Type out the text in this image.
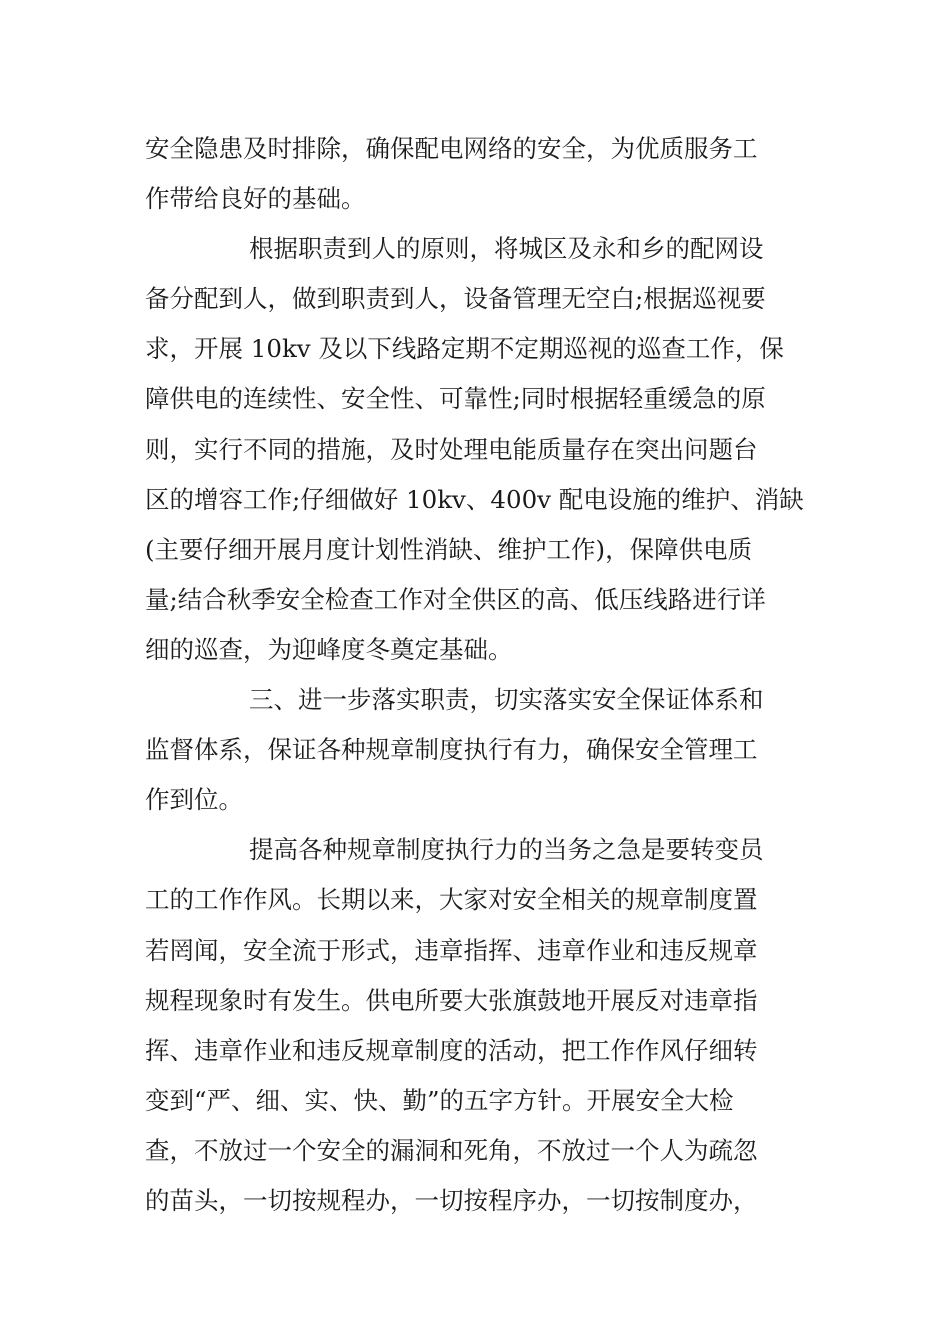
安全隐患及时排除，确保配电网络的安全，为优质服务工
作带给良好的基础。
根据职责到人的原则，将城区及永和乡的配网设
备分配到人，做到职责到人，设备管理无空白;根据巡视要
求，开展 10kv 及以下线路定期不定期巡视的巡查工作，保
障供电的连续性、安全性、可靠性;同时根据轻重缓急的原
则，实行不同的措施，及时处理电能质量存在突出问题台
区的增容工作;仔细做好 10kv、400v 配电设施的维护、消缺
(主要仔细开展月度计划性消缺、维护工作)，保障供电质
量;结合秋季安全检查工作对全供区的高、低压线路进行详
细的巡查，为迎峰度冬奠定基础。
三、进一步落实职责，切实落实安全保证体系和
监督体系，保证各种规章制度执行有力，确保安全管理工
作到位。
提高各种规章制度执行力的当务之急是要转变员
工的工作作风。长期以来，大家对安全相关的规章制度置
若罔闻，安全流于形式，违章指挥、违章作业和违反规章
规程现象时有发生。供电所要大张旗鼓地开展反对违章指
挥、违章作业和违反规章制度的活动，把工作作风仔细转
变到“严、细、实、快、勤”的五字方针。开展安全大检
查，不放过一个安全的漏洞和死角，不放过一个人为疏忽
的苗头，一切按规程办，一切按程序办，一切按制度办，
